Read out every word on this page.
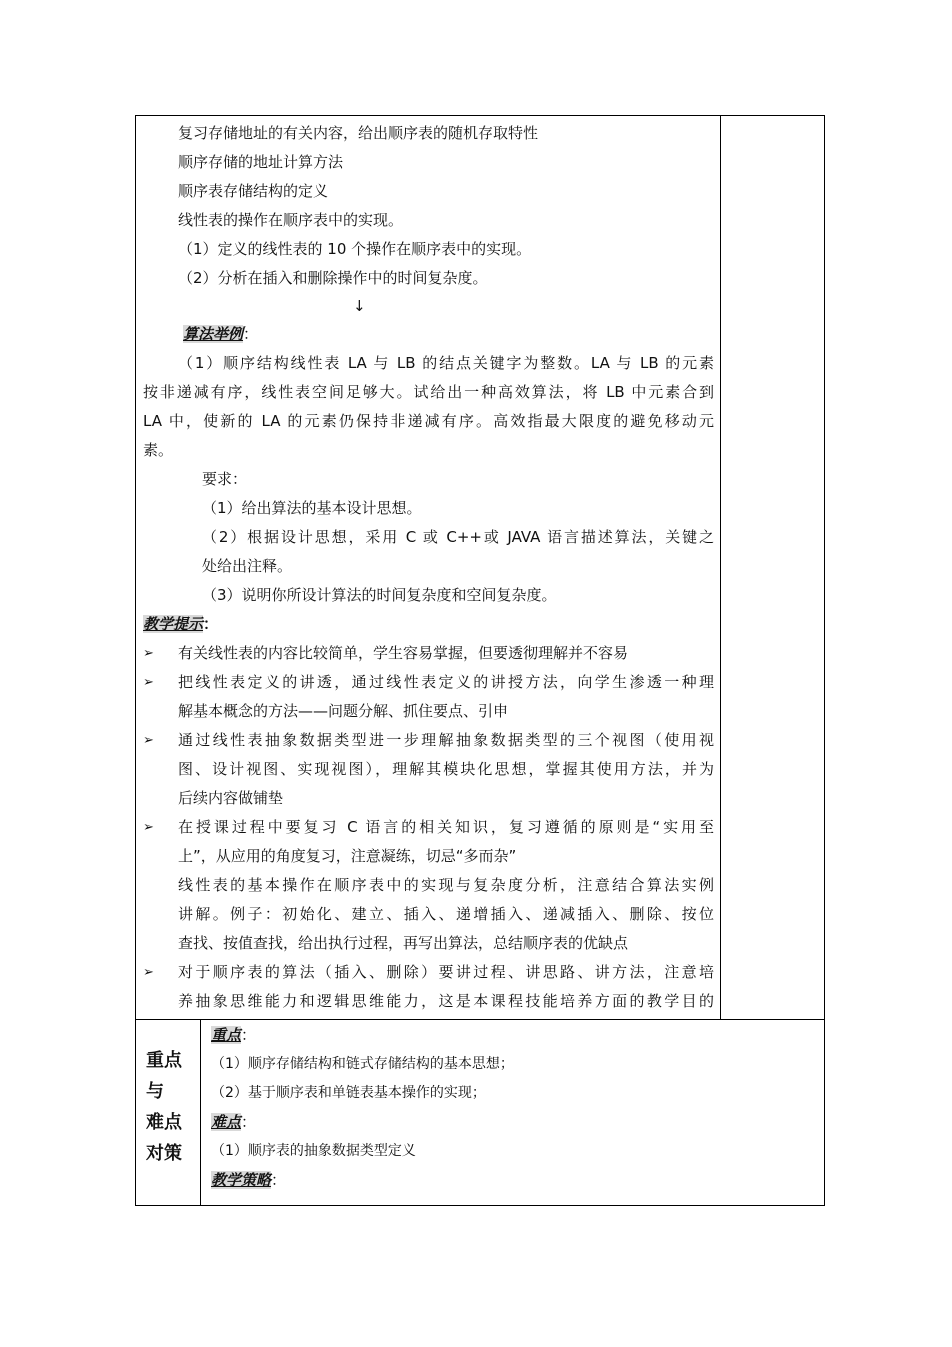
复习存储地址的有关内容，给出顺序表的随机存取特性
顺序存储的地址计算方法
顺序表存储结构的定义
线性表的操作在顺序表中的实现。
（1）定义的线性表的 10 个操作在顺序表中的实现。
（2）分析在插入和删除操作中的时间复杂度。
↓
算法举例：
（1）顺序结构线性表 LA 与 LB 的结点关键字为整数。LA 与 LB 的元素
按非递减有序，线性表空间足够大。试给出一种高效算法，将 LB 中元素合到
LA 中，使新的 LA 的元素仍保持非递减有序。高效指最大限度的避免移动元
素。
要求：
（1）给出算法的基本设计思想。
（2）根据设计思想，采用 C 或 C++或 JAVA 语言描述算法，关键之
处给出注释。
（3）说明你所设计算法的时间复杂度和空间复杂度。
教学提示：
➢ 有关线性表的内容比较简单，学生容易掌握，但要透彻理解并不容易
➢ 把线性表定义的讲透，通过线性表定义的讲授方法，向学生渗透一种理
解基本概念的方法——问题分解、抓住要点、引申
➢ 通过线性表抽象数据类型进一步理解抽象数据类型的三个视图（使用视
图、设计视图、实现视图），理解其模块化思想，掌握其使用方法，并为
后续内容做铺垫
➢ 在授课过程中要复习 C 语言的相关知识，复习遵循的原则是“实用至
上”，从应用的角度复习，注意凝练，切忌“多而杂”
线性表的基本操作在顺序表中的实现与复杂度分析，注意结合算法实例
讲解。例子：初始化、建立、插入、递增插入、递减插入、删除、按位
查找、按值查找，给出执行过程，再写出算法，总结顺序表的优缺点
➢ 对于顺序表的算法（插入、删除）要讲过程、讲思路、讲方法，注意培
养抽象思维能力和逻辑思维能力，这是本课程技能培养方面的教学目的
重点
与
难点
对策
重点：
（1）顺序存储结构和链式存储结构的基本思想；
（2）基于顺序表和单链表基本操作的实现；
难点：
（1）顺序表的抽象数据类型定义
教学策略：
